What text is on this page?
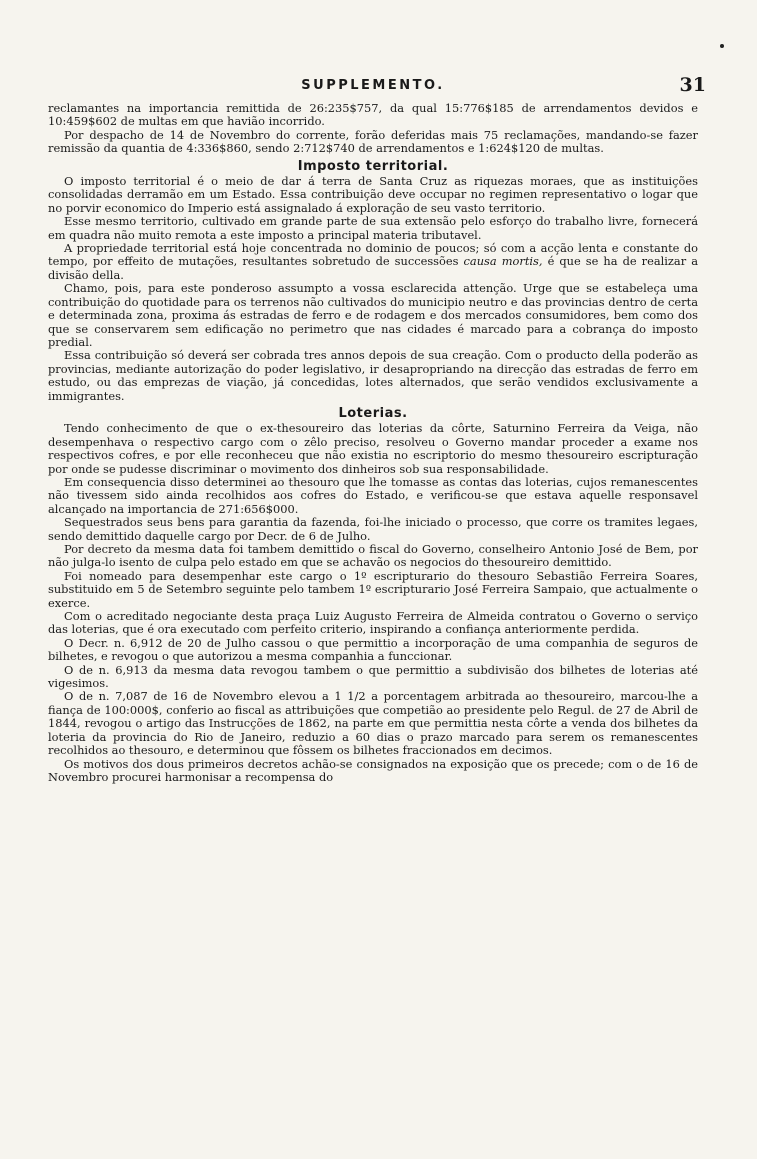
SUPPLEMENTO.	31

reclamantes na importancia remittida de 26:235$757, da qual 15:776$185 de arrendamentos devidos e 10:459$602 de multas em que havião incorrido.

Por despacho de 14 de Novembro do corrente, forão deferidas mais 75 reclamações, mandando-se fazer remissão da quantia de 4:336$860, sendo 2:712$740 de arrendamentos e 1:624$120 de multas.

Imposto territorial.

O imposto territorial é o meio de dar á terra de Santa Cruz as riquezas moraes, que as instituições consolidadas derramão em um Estado. Essa contribuição deve occupar no regimen representativo o logar que no porvir economico do Imperio está assignalado á exploração de seu vasto territorio.

Esse mesmo territorio, cultivado em grande parte de sua extensão pelo esforço do trabalho livre, fornecerá em quadra não muito remota a este imposto a principal materia tributavel.

A propriedade territorial está hoje concentrada no dominio de poucos; só com a acção lenta e constante do tempo, por effeito de mutações, resultantes sobretudo de successões causa mortis, é que se ha de realizar a divisão della.

Chamo, pois, para este ponderoso assumpto a vossa esclarecida attenção. Urge que se estabeleça uma contribuição do quotidade para os terrenos não cultivados do municipio neutro e das provincias dentro de certa e determinada zona, proxima ás estradas de ferro e de rodagem e dos mercados consumidores, bem como dos que se conservarem sem edificação no perimetro que nas cidades é marcado para a cobrança do imposto predial.

Essa contribuição só deverá ser cobrada tres annos depois de sua creação. Com o producto della poderão as provincias, mediante autorização do poder legislativo, ir desapropriando na direcção das estradas de ferro em estudo, ou das emprezas de viação, já concedidas, lotes alternados, que serão vendidos exclusivamente a immigrantes.

Loterias.

Tendo conhecimento de que o ex-thesoureiro das loterias da côrte, Saturnino Ferreira da Veiga, não desempenhava o respectivo cargo com o zêlo preciso, resolveu o Governo mandar proceder a exame nos respectivos cofres, e por elle reconheceu que não existia no escriptorio do mesmo thesoureiro escripturação por onde se pudesse discriminar o movimento dos dinheiros sob sua responsabilidade.

Em consequencia disso determinei ao thesouro que lhe tomasse as contas das loterias, cujos remanescentes não tivessem sido ainda recolhidos aos cofres do Estado, e verificou-se que estava aquelle responsavel alcançado na importancia de 271:656$000.

Sequestrados seus bens para garantia da fazenda, foi-lhe iniciado o processo, que corre os tramites legaes, sendo demittido daquelle cargo por Decr. de 6 de Julho.

Por decreto da mesma data foi tambem demittido o fiscal do Governo, conselheiro Antonio José de Bem, por não julga-lo isento de culpa pelo estado em que se achavão os negocios do thesoureiro demittido.

Foi nomeado para desempenhar este cargo o 1º escripturario do thesouro Sebastião Ferreira Soares, substituido em 5 de Setembro seguinte pelo tambem 1º escripturario José Ferreira Sampaio, que actualmente o exerce.

Com o acreditado negociante desta praça Luiz Augusto Ferreira de Almeida contratou o Governo o serviço das loterias, que é ora executado com perfeito criterio, inspirando a confiança anteriormente perdida.

O Decr. n. 6,912 de 20 de Julho cassou o que permittio a incorporação de uma companhia de seguros de bilhetes, e revogou o que autorizou a mesma companhia a funccionar.

O de n. 6,913 da mesma data revogou tambem o que permittio a subdivisão dos bilhetes de loterias até vigesimos.

O de n. 7,087 de 16 de Novembro elevou a 1 1/2 a porcentagem arbitrada ao thesoureiro, marcou-lhe a fiança de 100:000$, conferio ao fiscal as attribuições que competião ao presidente pelo Regul. de 27 de Abril de 1844, revogou o artigo das Instrucções de 1862, na parte em que permittia nesta côrte a venda dos bilhetes da loteria da provincia do Rio de Janeiro, reduzio a 60 dias o prazo marcado para serem os remanescentes recolhidos ao thesouro, e determinou que fôssem os bilhetes fraccionados em decimos.

Os motivos dos dous primeiros decretos achão-se consignados na exposição que os precede; com o de 16 de Novembro procurei harmonisar a recompensa do
